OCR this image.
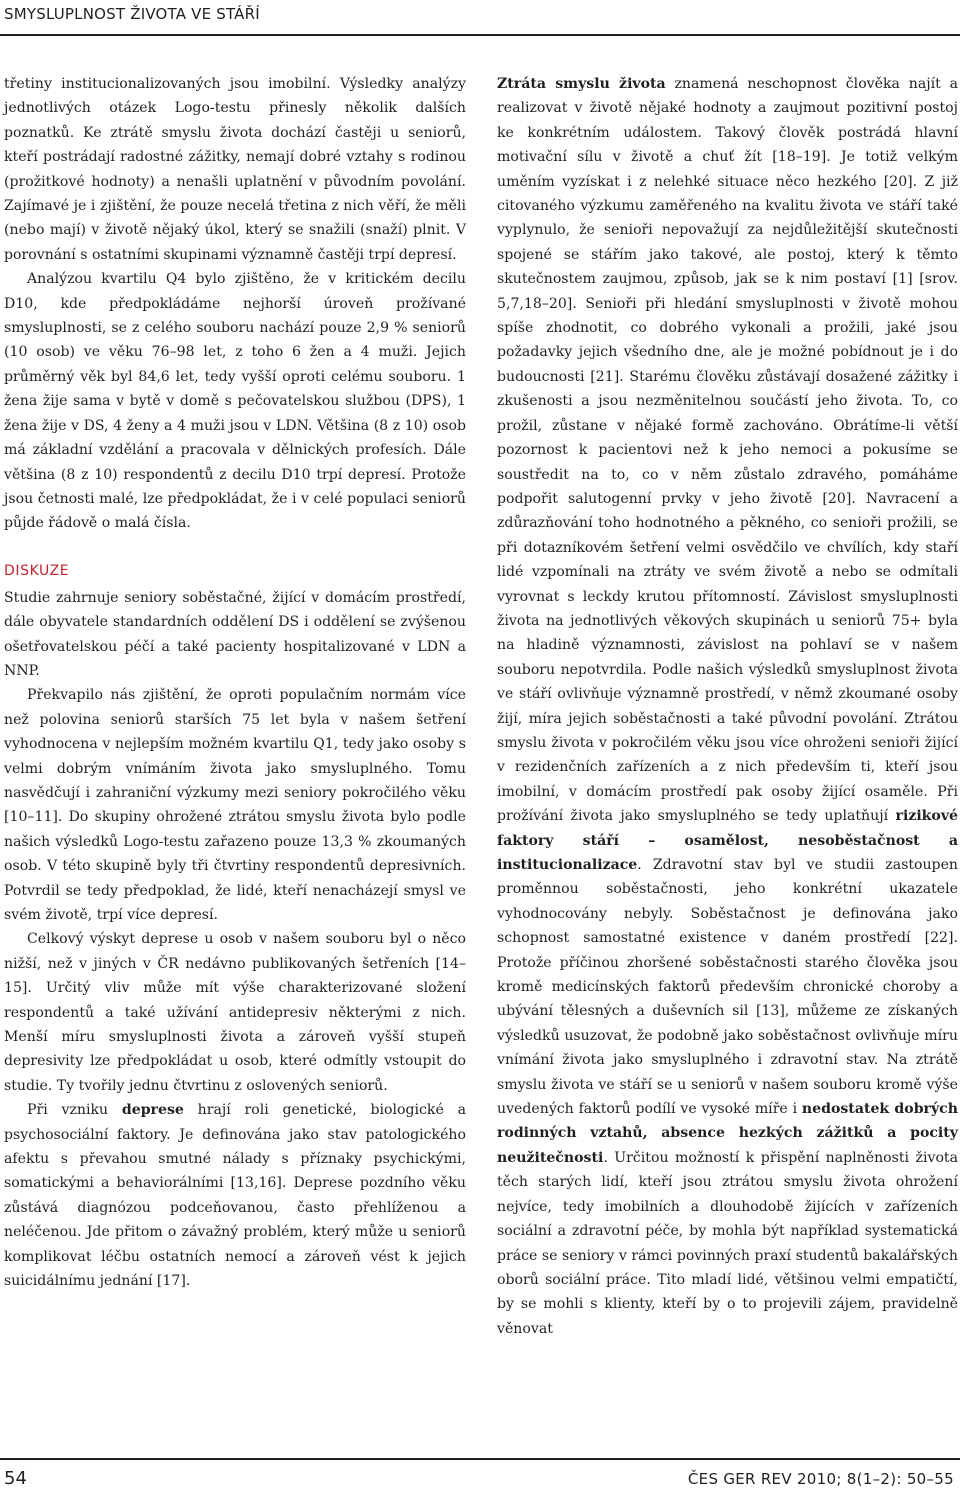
SMYSLUPLNOST ŽIVOTA VE STÁŘÍ

třetiny institucionalizovaných jsou imobilní. Výsledky analýzy jednotlivých otázek Logo-testu přinesly několik dalších poznatků. Ke ztrátě smyslu života dochází častěji u seniorů, kteří postrádají radostné zážitky, nemají dobré vztahy s rodinou (prožitkové hodnoty) a nenašli uplatnění v původním povolání. Zajímavé je i zjištění, že pouze necelá třetina z nich věří, že měli (nebo mají) v životě nějaký úkol, který se snažili (snaží) plnit. V porovnání s ostatními skupinami významně častěji trpí depresí.

Analýzou kvartilu Q4 bylo zjištěno, že v kritickém decilu D10, kde předpokládáme nejhorší úroveň prožívané smysluplnosti, se z celého souboru nachází pouze 2,9 % seniorů (10 osob) ve věku 76–98 let, z toho 6 žen a 4 muži. Jejich průměrný věk byl 84,6 let, tedy vyšší oproti celému souboru. 1 žena žije sama v bytě v domě s pečovatelskou službou (DPS), 1 žena žije v DS, 4 ženy a 4 muži jsou v LDN. Většina (8 z 10) osob má základní vzdělání a pracovala v dělnických profesích. Dále většina (8 z 10) respondentů z decilu D10 trpí depresí. Protože jsou četnosti malé, lze předpokládat, že i v celé populaci seniorů půjde řádově o malá čísla.

DISKUZE

Studie zahrnuje seniory soběstačné, žijící v domácím prostředí, dále obyvatele standardních oddělení DS i oddělení se zvýšenou ošetřovatelskou péčí a také pacienty hospitalizované v LDN a NNP.

Překvapilo nás zjištění, že oproti populačním normám více než polovina seniorů starších 75 let byla v našem šetření vyhodnocena v nejlepším možném kvartilu Q1, tedy jako osoby s velmi dobrým vnímáním života jako smysluplného. Tomu nasvědčují i zahraniční výzkumy mezi seniory pokročilého věku [10–11]. Do skupiny ohrožené ztrátou smyslu života bylo podle našich výsledků Logo-testu zařazeno pouze 13,3 % zkoumaných osob. V této skupině byly tři čtvrtiny respondentů depresivních. Potvrdil se tedy předpoklad, že lidé, kteří nenacházejí smysl ve svém životě, trpí více depresí.

Celkový výskyt deprese u osob v našem souboru byl o něco nižší, než v jiných v ČR nedávno publikovaných šetřeních [14–15]. Určitý vliv může mít výše charakterizované složení respondentů a také užívání antidepresiv některými z nich. Menší míru smysluplnosti života a zároveň vyšší stupeň depresivity lze předpokládat u osob, které odmítly vstoupit do studie. Ty tvořily jednu čtvrtinu z oslovených seniorů.

Při vzniku deprese hrají roli genetické, biologické a psychosociální faktory. Je definována jako stav patologického afektu s převahou smutné nálady s příznaky psychickými, somatickými a behaviorálními [13,16]. Deprese pozdního věku zůstává diagnózou podceňovanou, často přehlíženou a neléčenou. Jde přitom o závažný problém, který může u seniorů komplikovat léčbu ostatních nemocí a zároveň vést k jejich suicidálnímu jednání [17].

Ztráta smyslu života znamená neschopnost člověka najít a realizovat v životě nějaké hodnoty a zaujmout pozitivní postoj ke konkrétním událostem. Takový člověk postrádá hlavní motivační sílu v životě a chuť žít [18–19]. Je totiž velkým uměním vyzískat i z nelehké situace něco hezkého [20]. Z již citovaného výzkumu zaměřeného na kvalitu života ve stáří také vyplynulo, že senioři nepovažují za nejdůležitější skutečnosti spojené se stářím jako takové, ale postoj, který k těmto skutečnostem zaujmou, způsob, jak se k nim postaví [1] [srov. 5,7,18–20]. Senioři při hledání smysluplnosti v životě mohou spíše zhodnotit, co dobrého vykonali a prožili, jaké jsou požadavky jejich všedního dne, ale je možné pobídnout je i do budoucnosti [21]. Starému člověku zůstávají dosažené zážitky i zkušenosti a jsou nezměnitelnou součástí jeho života. To, co prožil, zůstane v nějaké formě zachováno. Obrátíme-li větší pozornost k pacientovi než k jeho nemoci a pokusíme se soustředit na to, co v něm zůstalo zdravého, pomáháme podpořit salutogenní prvky v jeho životě [20]. Navracení a zdůrazňování toho hodnotného a pěkného, co senioři prožili, se při dotazníkovém šetření velmi osvědčilo ve chvílích, kdy staří lidé vzpomínali na ztráty ve svém životě a nebo se odmítali vyrovnat s leckdy krutou přítomností. Závislost smysluplnosti života na jednotlivých věkových skupinách u seniorů 75+ byla na hladině významnosti, závislost na pohlaví se v našem souboru nepotvrdila. Podle našich výsledků smysluplnost života ve stáří ovlivňuje významně prostředí, v němž zkoumané osoby žijí, míra jejich soběstačnosti a také původní povolání. Ztrátou smyslu života v pokročilém věku jsou více ohroženi senioři žijící v rezidenčních zařízeních a z nich především ti, kteří jsou imobilní, v domácím prostředí pak osoby žijící osaměle. Při prožívání života jako smysluplného se tedy uplatňují rizikové faktory stáří – osamělost, nesoběstačnost a institucionalizace. Zdravotní stav byl ve studii zastoupen proměnnou soběstačnosti, jeho konkrétní ukazatele vyhodnocovány nebyly. Soběstačnost je definována jako schopnost samostatné existence v daném prostředí [22]. Protože příčinou zhoršené soběstačnosti starého člověka jsou kromě medicínských faktorů především chronické choroby a ubývání tělesných a duševních sil [13], můžeme ze získaných výsledků usuzovat, že podobně jako soběstačnost ovlivňuje míru vnímání života jako smysluplného i zdravotní stav. Na ztrátě smyslu života ve stáří se u seniorů v našem souboru kromě výše uvedených faktorů podílí ve vysoké míře i nedostatek dobrých rodinných vztahů, absence hezkých zážitků a pocity neužitečnosti. Určitou možností k přispění naplněnosti života těch starých lidí, kteří jsou ztrátou smyslu života ohrožení nejvíce, tedy imobilních a dlouhodobě žijících v zařízeních sociální a zdravotní péče, by mohla být například systematická práce se seniory v rámci povinných praxí studentů bakalářských oborů sociální práce. Tito mladí lidé, většinou velmi empatičtí, by se mohli s klienty, kteří by o to projevili zájem, pravidelně věnovat

54	ČES GER REV 2010; 8(1–2): 50–55
